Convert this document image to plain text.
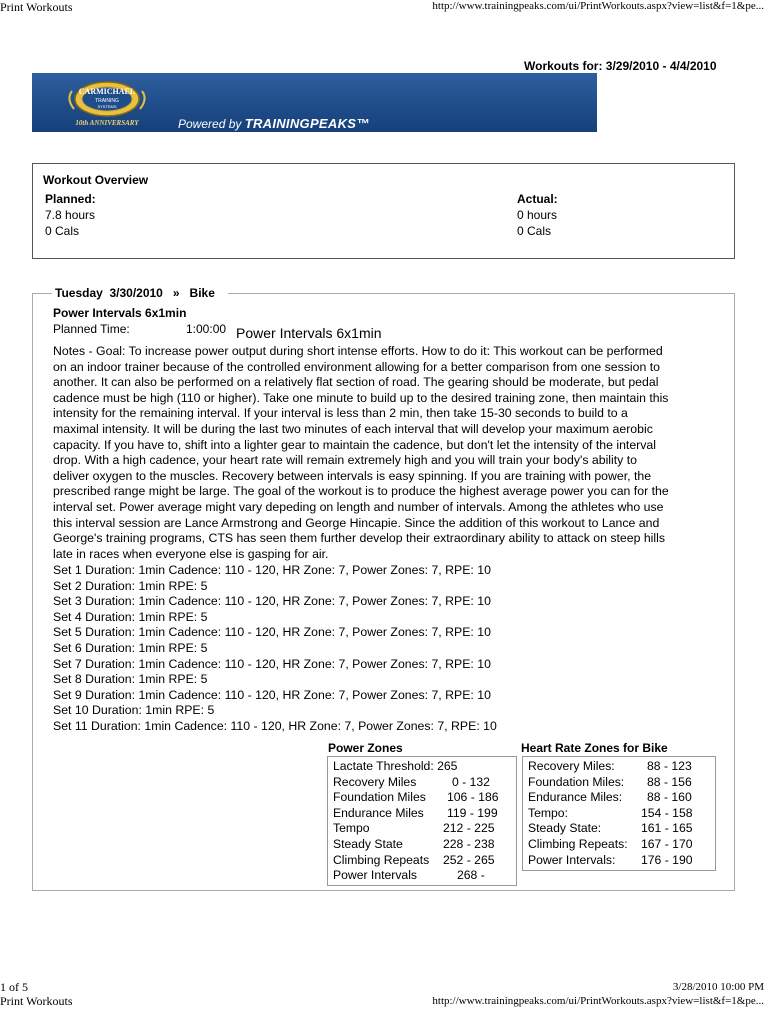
Print Workouts	http://www.trainingpeaks.com/ui/PrintWorkouts.aspx?view=list&f=1&pe...
Workouts for: 3/29/2010 - 4/4/2010
CARMICHAEL
TRAINING
SYSTEMS
10th ANNIVERSARY	Powered by TRAININGPEAKS™
Workout Overview
Planned:
7.8 hours
0 Cals
Actual:
0 hours
0 Cals
Tuesday  3/30/2010   »   Bike
Power Intervals 6x1min
Planned Time:	1:00:00 Power Intervals 6x1min
Notes - Goal: To increase power output during short intense efforts. How to do it: This workout can be performed
on an indoor trainer because of the controlled environment allowing for a better comparison from one session to
another. It can also be performed on a relatively flat section of road. The gearing should be moderate, but pedal
cadence must be high (110 or higher). Take one minute to build up to the desired training zone, then maintain this
intensity for the remaining interval. If your interval is less than 2 min, then take 15-30 seconds to build to a
maximal intensity. It will be during the last two minutes of each interval that will develop your maximum aerobic
capacity. If you have to, shift into a lighter gear to maintain the cadence, but don't let the intensity of the interval
drop. With a high cadence, your heart rate will remain extremely high and you will train your body's ability to
deliver oxygen to the muscles. Recovery between intervals is easy spinning. If you are training with power, the
prescribed range might be large. The goal of the workout is to produce the highest average power you can for the
interval set. Power average might vary depeding on length and number of intervals. Among the athletes who use
this interval session are Lance Armstrong and George Hincapie. Since the addition of this workout to Lance and
George's training programs, CTS has seen them further develop their extraordinary ability to attack on steep hills
late in races when everyone else is gasping for air.
Set 1 Duration: 1min Cadence: 110 - 120, HR Zone: 7, Power Zones: 7, RPE: 10
Set 2 Duration: 1min RPE: 5
Set 3 Duration: 1min Cadence: 110 - 120, HR Zone: 7, Power Zones: 7, RPE: 10
Set 4 Duration: 1min RPE: 5
Set 5 Duration: 1min Cadence: 110 - 120, HR Zone: 7, Power Zones: 7, RPE: 10
Set 6 Duration: 1min RPE: 5
Set 7 Duration: 1min Cadence: 110 - 120, HR Zone: 7, Power Zones: 7, RPE: 10
Set 8 Duration: 1min RPE: 5
Set 9 Duration: 1min Cadence: 110 - 120, HR Zone: 7, Power Zones: 7, RPE: 10
Set 10 Duration: 1min RPE: 5
Set 11 Duration: 1min Cadence: 110 - 120, HR Zone: 7, Power Zones: 7, RPE: 10
Power Zones
Lactate Threshold: 265
Recovery Miles	0 - 132
Foundation Miles 106 - 186
Endurance Miles 119 - 199
Tempo	212 - 225
Steady State	228 - 238
Climbing Repeats 252 - 265
Power Intervals	268 -
Heart Rate Zones for Bike
Recovery Miles:	88 - 123
Foundation Miles: 88 - 156
Endurance Miles: 88 - 160
Tempo:	154 - 158
Steady State:	161 - 165
Climbing Repeats: 167 - 170
Power Intervals: 176 - 190
1 of 5
Print Workouts
3/28/2010 10:00 PM
http://www.trainingpeaks.com/ui/PrintWorkouts.aspx?view=list&f=1&pe...
